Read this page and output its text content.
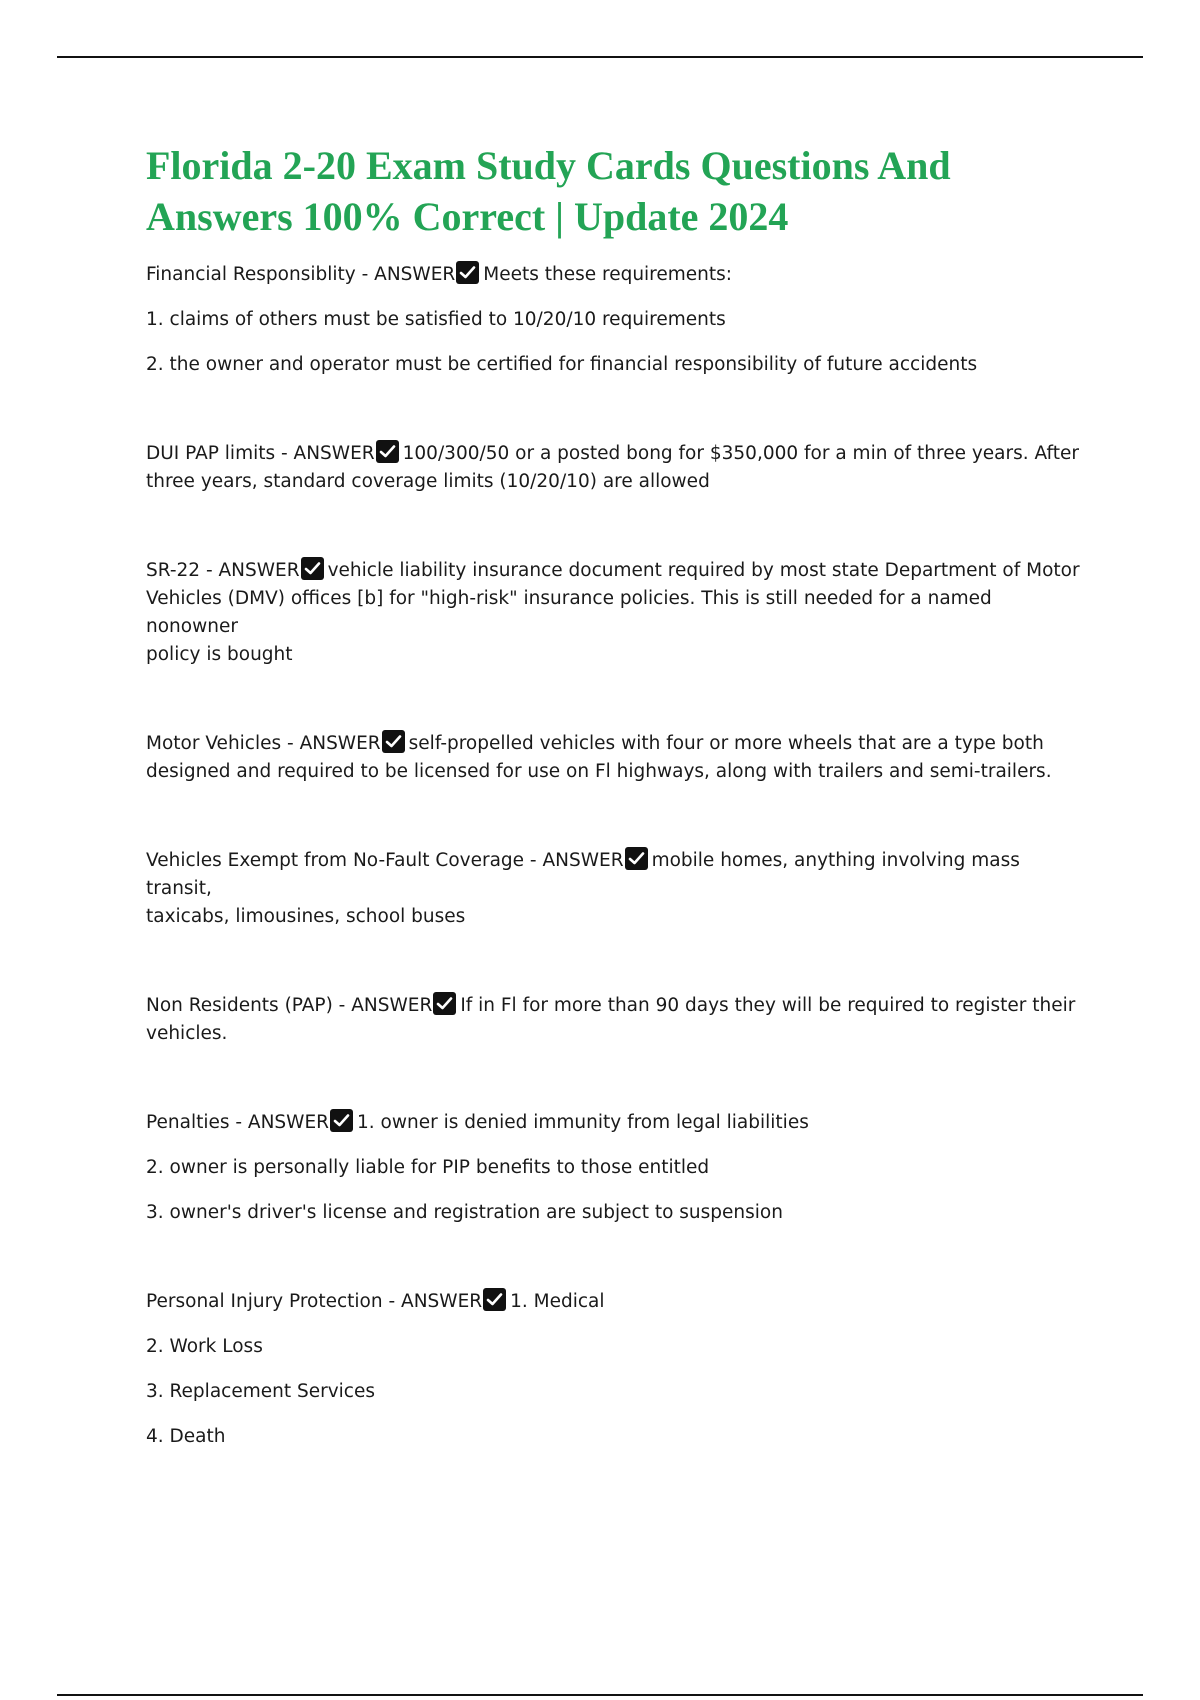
Florida 2-20 Exam Study Cards Questions And
Answers 100% Correct | Update 2024

Financial Responsiblity - ANSWER Meets these requirements:

1. claims of others must be satisfied to 10/20/10 requirements

2. the owner and operator must be certified for financial responsibility of future accidents

DUI PAP limits - ANSWER 100/300/50 or a posted bong for $350,000 for a min of three years. After

three years, standard coverage limits (10/20/10) are allowed

SR-22 - ANSWER vehicle liability insurance document required by most state Department of Motor

Vehicles (DMV) offices [b] for "high-risk" insurance policies. This is still needed for a named nonowner

policy is bought

Motor Vehicles - ANSWER self-propelled vehicles with four or more wheels that are a type both

designed and required to be licensed for use on Fl highways, along with trailers and semi-trailers.

Vehicles Exempt from No-Fault Coverage - ANSWER mobile homes, anything involving mass transit,

taxicabs, limousines, school buses

Non Residents (PAP) - ANSWER If in Fl for more than 90 days they will be required to register their

vehicles.

Penalties - ANSWER 1. owner is denied immunity from legal liabilities

2. owner is personally liable for PIP benefits to those entitled

3. owner's driver's license and registration are subject to suspension

Personal Injury Protection - ANSWER 1. Medical

2. Work Loss

3. Replacement Services

4. Death
